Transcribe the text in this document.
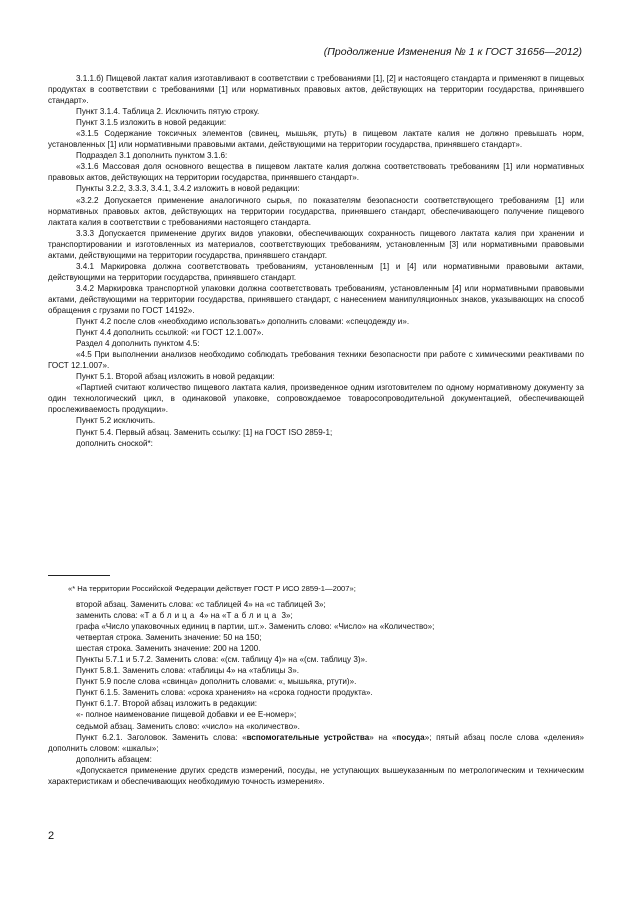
(Продолжение Изменения № 1 к ГОСТ 31656—2012)

3.1.1.б) Пищевой лактат калия изготавливают в соответствии с требованиями [1], [2] и настоящего стандарта и применяют в пищевых продуктах в соответствии с требованиями [1] или нормативных правовых актов, действующих на территории государства, принявшего стандарт».

Пункт 3.1.4. Таблица 2. Исключить пятую строку.

Пункт 3.1.5 изложить в новой редакции:

«3.1.5 Содержание токсичных элементов (свинец, мышьяк, ртуть) в пищевом лактате калия не должно превышать норм, установленных [1] или нормативными правовыми актами, действующими на территории государства, принявшего стандарт».

Подраздел 3.1 дополнить пунктом 3.1.6:

«3.1.6 Массовая доля основного вещества в пищевом лактате калия должна соответствовать требованиям [1] или нормативных правовых актов, действующих на территории государства, принявшего стандарт».

Пункты 3.2.2, 3.3.3, 3.4.1, 3.4.2 изложить в новой редакции:

«3.2.2 Допускается применение аналогичного сырья, по показателям безопасности соответствующего требованиям [1] или нормативных правовых актов, действующих на территории государства, принявшего стандарт, обеспечивающего получение пищевого лактата калия в соответствии с требованиями настоящего стандарта.

3.3.3 Допускается применение других видов упаковки, обеспечивающих сохранность пищевого лактата калия при хранении и транспортировании и изготовленных из материалов, соответствующих требованиям, установленным [3] или нормативными правовыми актами, действующими на территории государства, принявшего стандарт.

3.4.1 Маркировка должна соответствовать требованиям, установленным [1] и [4] или нормативными правовыми актами, действующими на территории государства, принявшего стандарт.

3.4.2 Маркировка транспортной упаковки должна соответствовать требованиям, установленным [4] или нормативными правовыми актами, действующими на территории государства, принявшего стандарт, с нанесением манипуляционных знаков, указывающих на способ обращения с грузами по ГОСТ 14192».

Пункт 4.2 после слов «необходимо использовать» дополнить словами: «спецодежду и».

Пункт 4.4 дополнить ссылкой: «и ГОСТ 12.1.007».

Раздел 4 дополнить пунктом 4.5:

«4.5 При выполнении анализов необходимо соблюдать требования техники безопасности при работе с химическими реактивами по ГОСТ 12.1.007».

Пункт 5.1. Второй абзац изложить в новой редакции:

«Партией считают количество пищевого лактата калия, произведенное одним изготовителем по одному нормативному документу за один технологический цикл, в одинаковой упаковке, сопровождаемое товаросопроводительной документацией, обеспечивающей прослеживаемость продукции».

Пункт 5.2 исключить.

Пункт 5.4. Первый абзац. Заменить ссылку: [1] на ГОСТ ISO 2859-1;

дополнить сноской*:

«* На территории Российской Федерации действует ГОСТ Р ИСО 2859-1—2007»;

второй абзац. Заменить слова: «с таблицей 4» на «с таблицей 3»;

заменить слова: «Таблица 4» на «Таблица 3»;

графа «Число упаковочных единиц в партии, шт.». Заменить слово: «Число» на «Количество»;

четвертая строка. Заменить значение: 50 на 150;

шестая строка. Заменить значение: 200 на 1200.

Пункты 5.7.1 и 5.7.2. Заменить слова: «(см. таблицу 4)» на «(см. таблицу 3)».

Пункт 5.8.1. Заменить слова: «таблицы 4» на «таблицы 3».

Пункт 5.9 после слова «свинца» дополнить словами: «, мышьяка, ртути)».

Пункт 6.1.5. Заменить слова: «срока хранения» на «срока годности продукта».

Пункт 6.1.7. Второй абзац изложить в редакции:

«- полное наименование пищевой добавки и ее Е-номер»;

седьмой абзац. Заменить слово: «число» на «количество».

Пункт 6.2.1. Заголовок. Заменить слова: «вспомогательные устройства» на «посуда»; пятый абзац после слова «деления» дополнить словом: «шкалы»;

дополнить абзацем:

«Допускается применение других средств измерений, посуды, не уступающих вышеуказанным по метрологическим и техническим характеристикам и обеспечивающих необходимую точность измерения».

2
